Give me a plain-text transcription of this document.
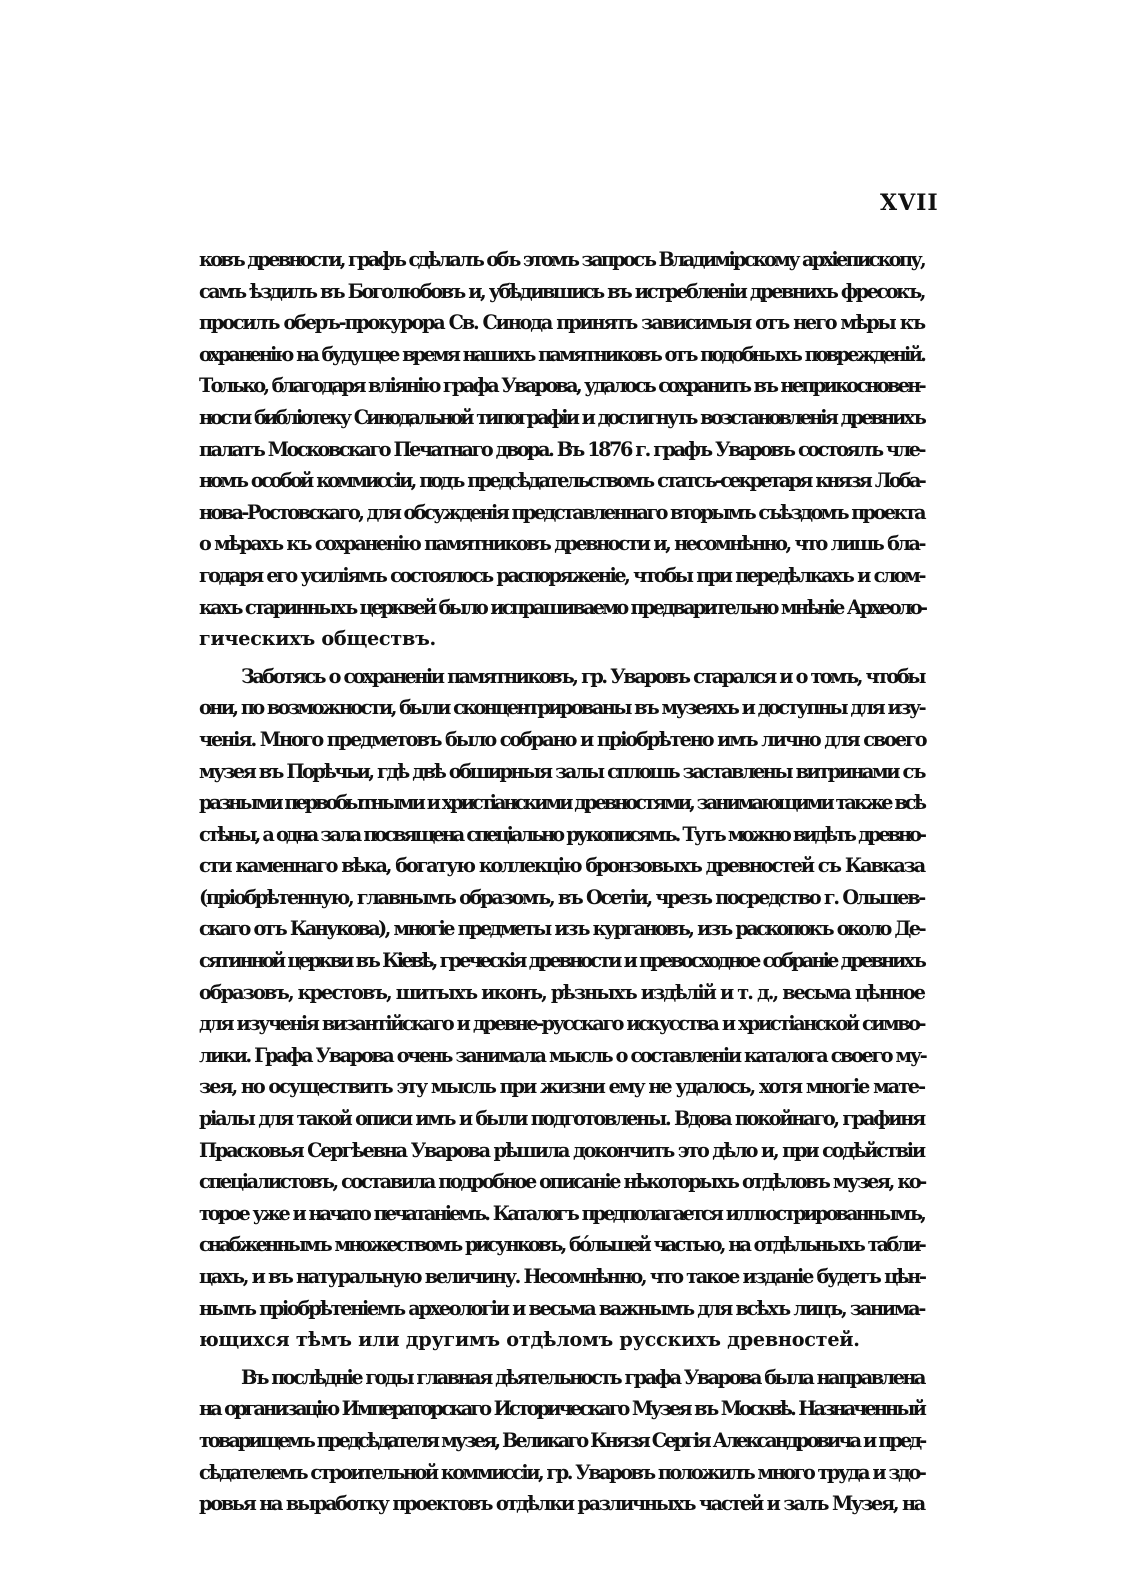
XVII
ковъ древности, графъ сдѣлалъ объ этомъ запросъ Владимірскому архіепископу,
самъ ѣздилъ въ Боголюбовъ и, убѣдившись въ истребленіи древнихъ фресокъ,
просилъ оберъ-прокурора Св. Синода принять зависимыя отъ него мѣры къ
охраненію на будущее время нашихъ памятниковъ отъ подобныхъ поврежденій.
Только, благодаря вліянію графа Уварова, удалось сохранить въ неприкосновен-
ности библіотеку Синодальной типографіи и достигнуть возстановленія древнихъ
палатъ Московскаго Печатнаго двора. Въ 1876 г. графъ Уваровъ состоялъ чле-
номъ особой коммиссіи, подъ предсѣдательствомъ статсъ-секретаря князя Лоба-
нова-Ростовскаго, для обсужденія представленнаго вторымъ съѣздомъ проекта
о мѣрахъ къ сохраненію памятниковъ древности и, несомнѣнно, что лишь бла-
годаря его усиліямъ состоялось распоряженіе, чтобы при передѣлкахъ и слом-
кахъ старинныхъ церквей было испрашиваемо предварительно мнѣніе Археоло-
гическихъ обществъ.
Заботясь о сохраненіи памятниковъ, гр. Уваровъ старался и о томъ, чтобы
они, по возможности, были сконцентрированы въ музеяхъ и доступны для изу-
ченія. Много предметовъ было собрано и пріобрѣтено имъ лично для своего
музея въ Порѣчьи, гдѣ двѣ обширныя залы сплошь заставлены витринами съ
разными первобытными и христіанскими древностями, занимающими также всѣ
стѣны, а одна зала посвящена спеціально рукописямъ. Тутъ можно видѣть древно-
сти каменнаго вѣка, богатую коллекцію бронзовыхъ древностей съ Кавказа
(пріобрѣтенную, главнымъ образомъ, въ Осетіи, чрезъ посредство г. Ольшев-
скаго отъ Канукова), многіе предметы изъ кургановъ, изъ раскопокъ около Де-
сятинной церкви въ Кіевѣ, греческія древности и превосходное собраніе древнихъ
образовъ, крестовъ, шитыхъ иконъ, рѣзныхъ издѣлій и т. д., весьма цѣнное
для изученія византійскаго и древне-русскаго искусства и христіанской симво-
лики. Графа Уварова очень занимала мысль о составленіи каталога своего му-
зея, но осуществить эту мысль при жизни ему не удалось, хотя многіе мате-
ріалы для такой описи имъ и были подготовлены. Вдова покойнаго, графиня
Прасковья Сергѣевна Уварова рѣшила докончить это дѣло и, при содѣйствіи
спеціалистовъ, составила подробное описаніе нѣкоторыхъ отдѣловъ музея, ко-
торое уже и начато печатаніемъ. Каталогъ предполагается иллюстрированнымъ,
снабженнымъ множествомъ рисунковъ, бóльшей частью, на отдѣльныхъ табли-
цахъ, и въ натуральную величину. Несомнѣнно, что такое изданіе будетъ цѣн-
нымъ пріобрѣтеніемъ археологіи и весьма важнымъ для всѣхъ лицъ, занима-
ющихся тѣмъ или другимъ отдѣломъ русскихъ древностей.
Въ послѣдніе годы главная дѣятельность графа Уварова была направлена
на организацію Императорскаго Историческаго Музея въ Москвѣ. Назначенный
товарищемъ предсѣдателя музея, Великаго Князя Сергія Александровича и пред-
сѣдателемъ строительной коммиссіи, гр. Уваровъ положилъ много труда и здо-
ровья на выработку проектовъ отдѣлки различныхъ частей и залъ Музея, на
